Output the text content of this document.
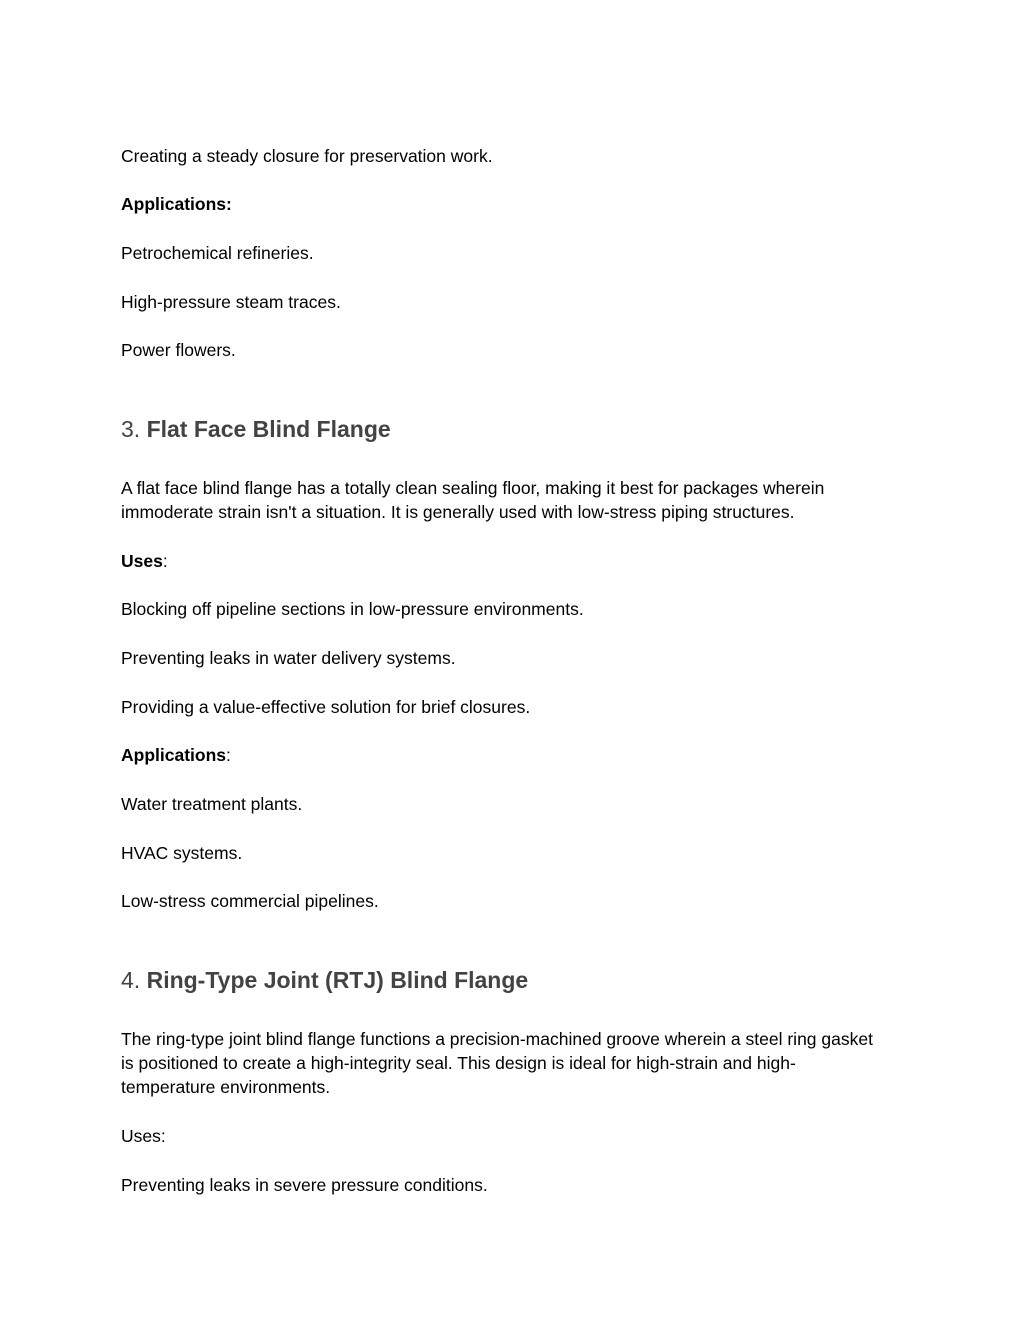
Creating a steady closure for preservation work.

Applications:

Petrochemical refineries.

High-pressure steam traces.

Power flowers.

3. Flat Face Blind Flange

A flat face blind flange has a totally clean sealing floor, making it best for packages wherein immoderate strain isn't a situation. It is generally used with low-stress piping structures.

Uses:

Blocking off pipeline sections in low-pressure environments.

Preventing leaks in water delivery systems.

Providing a value-effective solution for brief closures.

Applications:

Water treatment plants.

HVAC systems.

Low-stress commercial pipelines.

4. Ring-Type Joint (RTJ) Blind Flange

The ring-type joint blind flange functions a precision-machined groove wherein a steel ring gasket is positioned to create a high-integrity seal. This design is ideal for high-strain and high-temperature environments.

Uses:

Preventing leaks in severe pressure conditions.
